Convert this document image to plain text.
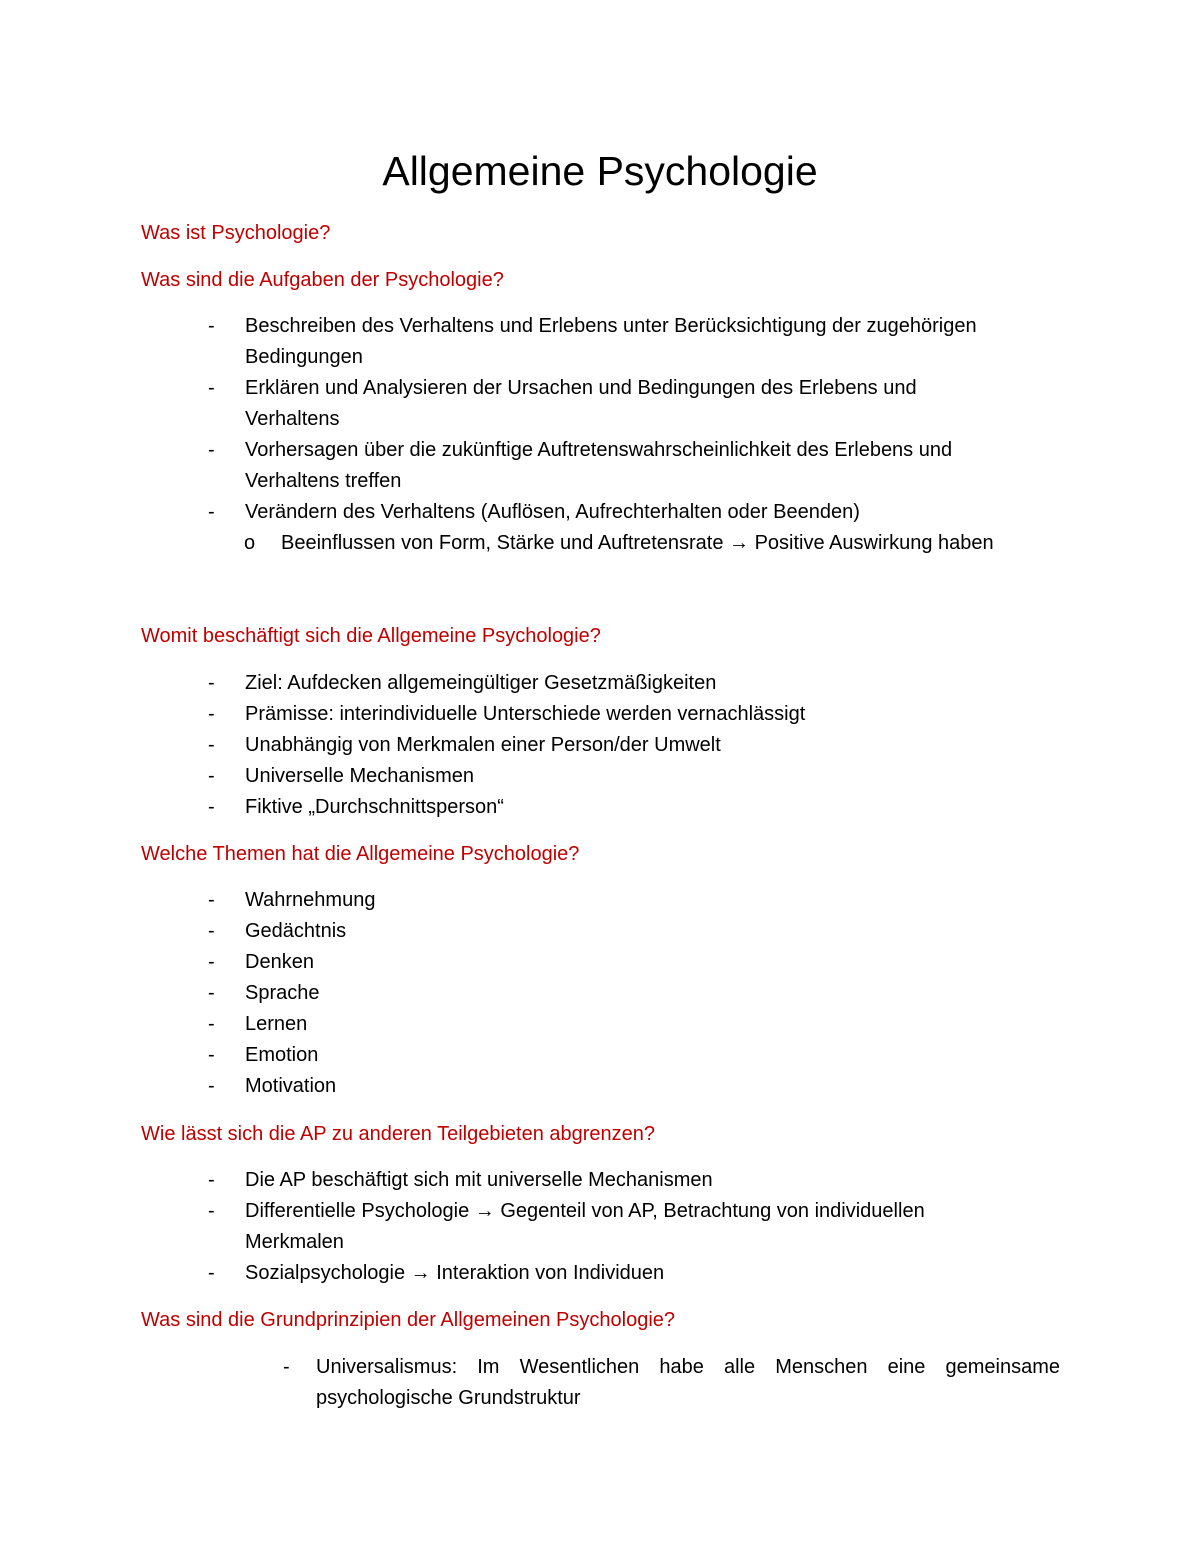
Allgemeine Psychologie
Was ist Psychologie?
Was sind die Aufgaben der Psychologie?
- Beschreiben des Verhaltens und Erlebens unter Berücksichtigung der zugehörigen Bedingungen
- Erklären und Analysieren der Ursachen und Bedingungen des Erlebens und Verhaltens
- Vorhersagen über die zukünftige Auftretenswahrscheinlichkeit des Erlebens und Verhaltens treffen
- Verändern des Verhaltens (Auflösen, Aufrechterhalten oder Beenden)
o Beeinflussen von Form, Stärke und Auftretensrate → Positive Auswirkung haben
Womit beschäftigt sich die Allgemeine Psychologie?
- Ziel: Aufdecken allgemeingültiger Gesetzmäßigkeiten
- Prämisse: interindividuelle Unterschiede werden vernachlässigt
- Unabhängig von Merkmalen einer Person/der Umwelt
- Universelle Mechanismen
- Fiktive „Durchschnittsperson“
Welche Themen hat die Allgemeine Psychologie?
- Wahrnehmung
- Gedächtnis
- Denken
- Sprache
- Lernen
- Emotion
- Motivation
Wie lässt sich die AP zu anderen Teilgebieten abgrenzen?
- Die AP beschäftigt sich mit universelle Mechanismen
- Differentielle Psychologie → Gegenteil von AP, Betrachtung von individuellen Merkmalen
- Sozialpsychologie → Interaktion von Individuen
Was sind die Grundprinzipien der Allgemeinen Psychologie?
- Universalismus: Im Wesentlichen habe alle Menschen eine gemeinsame psychologische Grundstruktur
